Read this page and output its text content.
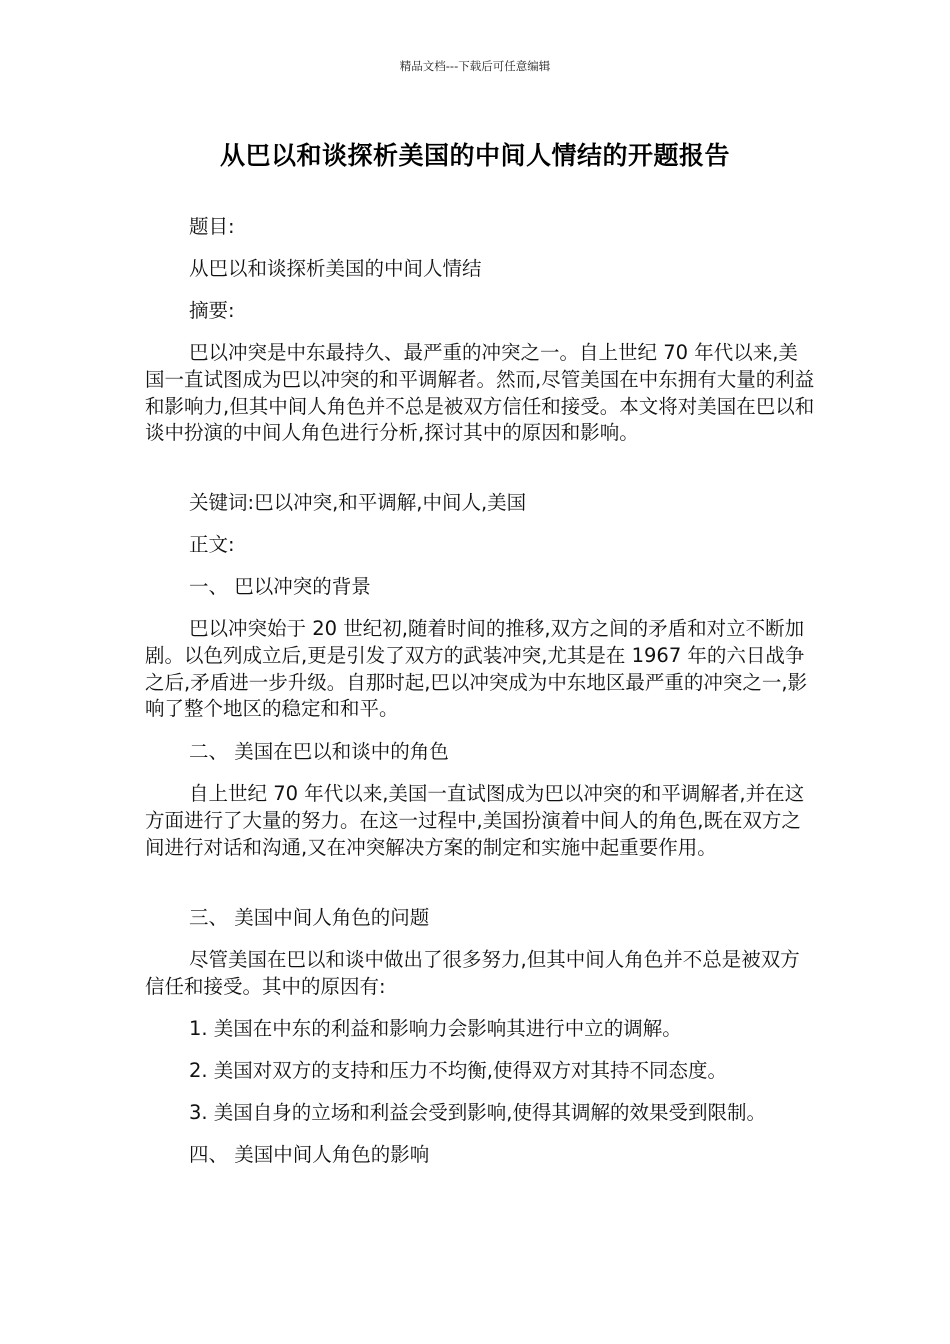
精品文档---下载后可任意编辑
从巴以和谈探析美国的中间人情结的开题报告
题目:
从巴以和谈探析美国的中间人情结
摘要:
巴以冲突是中东最持久、最严重的冲突之一。自上世纪 70 年代以来,美国一直试图成为巴以冲突的和平调解者。然而,尽管美国在中东拥有大量的利益和影响力,但其中间人角色并不总是被双方信任和接受。本文将对美国在巴以和谈中扮演的中间人角色进行分析,探讨其中的原因和影响。
关键词:巴以冲突,和平调解,中间人,美国
正文:
一、 巴以冲突的背景
巴以冲突始于 20 世纪初,随着时间的推移,双方之间的矛盾和对立不断加剧。以色列成立后,更是引发了双方的武装冲突,尤其是在 1967 年的六日战争之后,矛盾进一步升级。自那时起,巴以冲突成为中东地区最严重的冲突之一,影响了整个地区的稳定和和平。
二、 美国在巴以和谈中的角色
自上世纪 70 年代以来,美国一直试图成为巴以冲突的和平调解者,并在这方面进行了大量的努力。在这一过程中,美国扮演着中间人的角色,既在双方之间进行对话和沟通,又在冲突解决方案的制定和实施中起重要作用。
三、 美国中间人角色的问题
尽管美国在巴以和谈中做出了很多努力,但其中间人角色并不总是被双方信任和接受。其中的原因有:
1. 美国在中东的利益和影响力会影响其进行中立的调解。
2. 美国对双方的支持和压力不均衡,使得双方对其持不同态度。
3. 美国自身的立场和利益会受到影响,使得其调解的效果受到限制。
四、 美国中间人角色的影响
